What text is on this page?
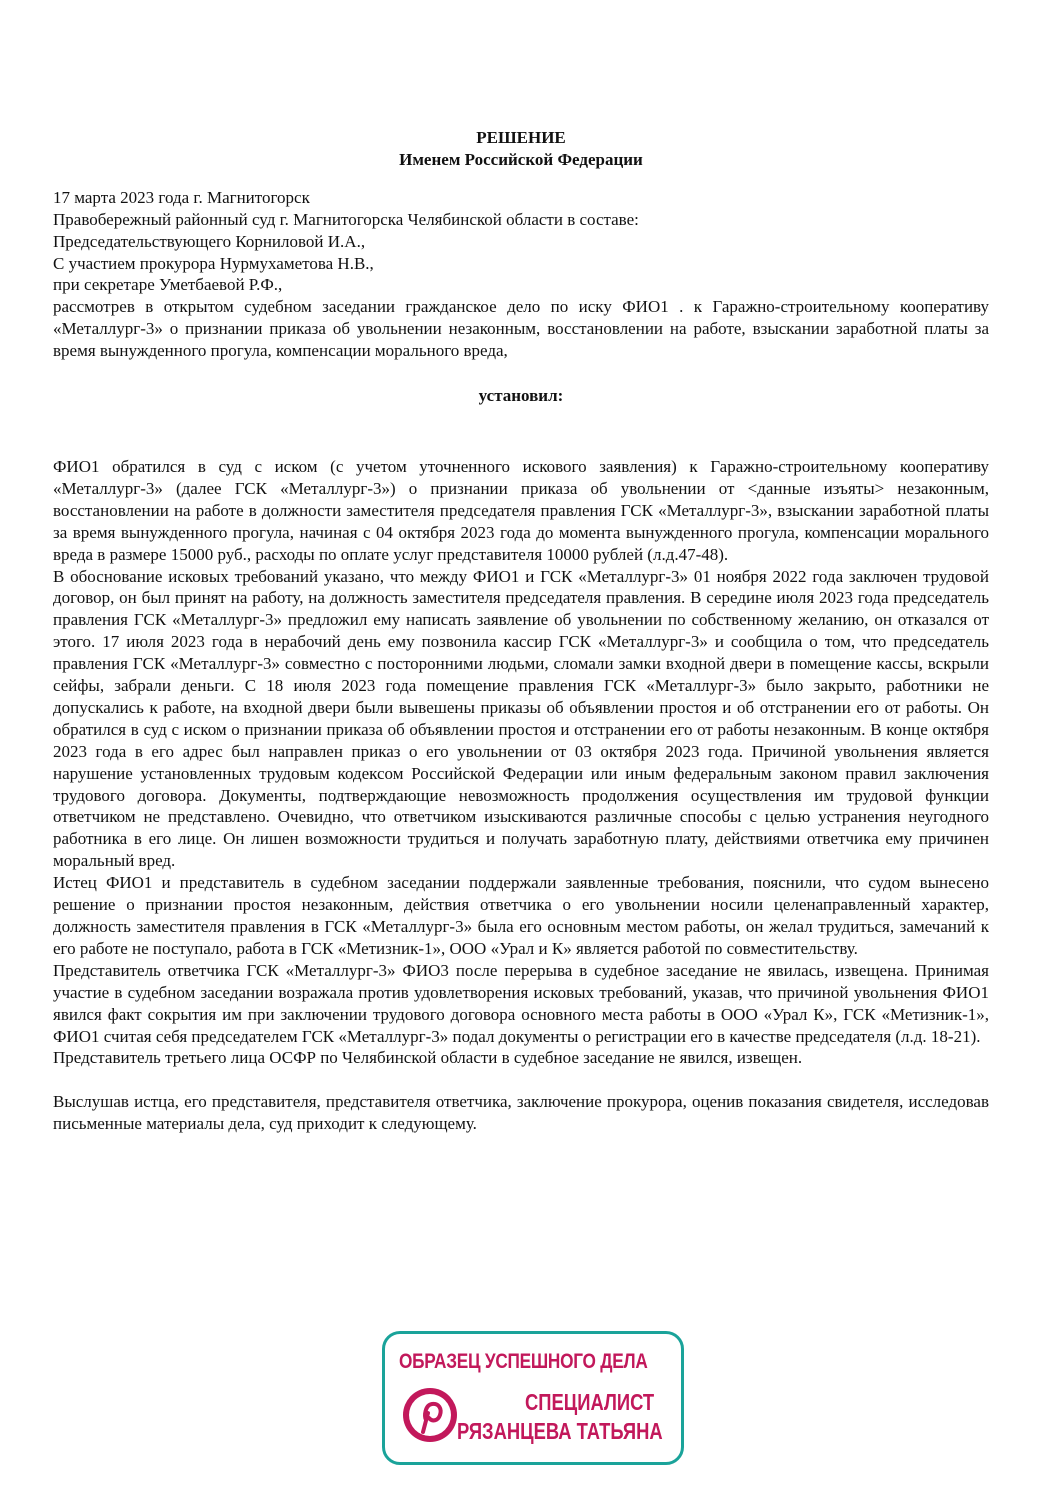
РЕШЕНИЕ

Именем Российской Федерации

17 марта 2023 года г. Магнитогорск

Правобережный районный суд г. Магнитогорска Челябинской области в составе:

Председательствующего Корниловой И.А.,

С участием прокурора Нурмухаметова Н.В.,

при секретаре Уметбаевой Р.Ф.,

рассмотрев в открытом судебном заседании гражданское дело по иску ФИО1 . к Гаражно-строительному кооперативу «Металлург-3» о признании приказа об увольнении незаконным, восстановлении на работе, взыскании заработной платы за время вынужденного прогула, компенсации морального вреда,

установил:

ФИО1 обратился в суд с иском (с учетом уточненного искового заявления) к Гаражно-строительному кооперативу «Металлург-3» (далее ГСК «Металлург-3») о признании приказа об увольнении от <данные изъяты> незаконным, восстановлении на работе в должности заместителя председателя правления ГСК «Металлург-3», взыскании заработной платы за время вынужденного прогула, начиная с 04 октября 2023 года до момента вынужденного прогула, компенсации морального вреда в размере 15000 руб., расходы по оплате услуг представителя 10000 рублей (л.д.47-48).

В обоснование исковых требований указано, что между ФИО1 и ГСК «Металлург-3» 01 ноября 2022 года заключен трудовой договор, он был принят на работу, на должность заместителя председателя правления. В середине июля 2023 года председатель правления ГСК «Металлург-3» предложил ему написать заявление об увольнении по собственному желанию, он отказался от этого. 17 июля 2023 года в нерабочий день ему позвонила кассир ГСК «Металлург-3» и сообщила о том, что председатель правления ГСК «Металлург-3» совместно с посторонними людьми, сломали замки входной двери в помещение кассы, вскрыли сейфы, забрали деньги. С 18 июля 2023 года помещение правления ГСК «Металлург-3» было закрыто, работники не допускались к работе, на входной двери были вывешены приказы об объявлении простоя и об отстранении его от работы. Он обратился в суд с иском о признании приказа об объявлении простоя и отстранении его от работы незаконным. В конце октября 2023 года в его адрес был направлен приказ о его увольнении от 03 октября 2023 года. Причиной увольнения является нарушение установленных трудовым кодексом Российской Федерации или иным федеральным законом правил заключения трудового договора. Документы, подтверждающие невозможность продолжения осуществления им трудовой функции ответчиком не представлено. Очевидно, что ответчиком изыскиваются различные способы с целью устранения неугодного работника в его лице. Он лишен возможности трудиться и получать заработную плату, действиями ответчика ему причинен моральный вред.

Истец ФИО1 и представитель в судебном заседании поддержали заявленные требования, пояснили, что судом вынесено решение о признании простоя незаконным, действия ответчика о его увольнении носили целенаправленный характер, должность заместителя правления в ГСК «Металлург-3» была его основным местом работы, он желал трудиться, замечаний к его работе не поступало, работа в ГСК «Метизник-1», ООО «Урал и К» является работой по совместительству.

Представитель ответчика ГСК «Металлург-3» ФИО3 после перерыва в судебное заседание не явилась, извещена. Принимая участие в судебном заседании возражала против удовлетворения исковых требований, указав, что причиной увольнения ФИО1 явился факт сокрытия им при заключении трудового договора основного места работы в ООО «Урал К», ГСК «Метизник-1», ФИО1 считая себя председателем ГСК «Металлург-3» подал документы о регистрации его в качестве председателя (л.д. 18-21).

Представитель третьего лица ОСФР по Челябинской области в судебное заседание не явился, извещен.

Выслушав истца, его представителя, представителя ответчика, заключение прокурора, оценив показания свидетеля, исследовав письменные материалы дела, суд приходит к следующему.

ОБРАЗЕЦ УСПЕШНОГО ДЕЛА
СПЕЦИАЛИСТ
РЯЗАНЦЕВА ТАТЬЯНА
